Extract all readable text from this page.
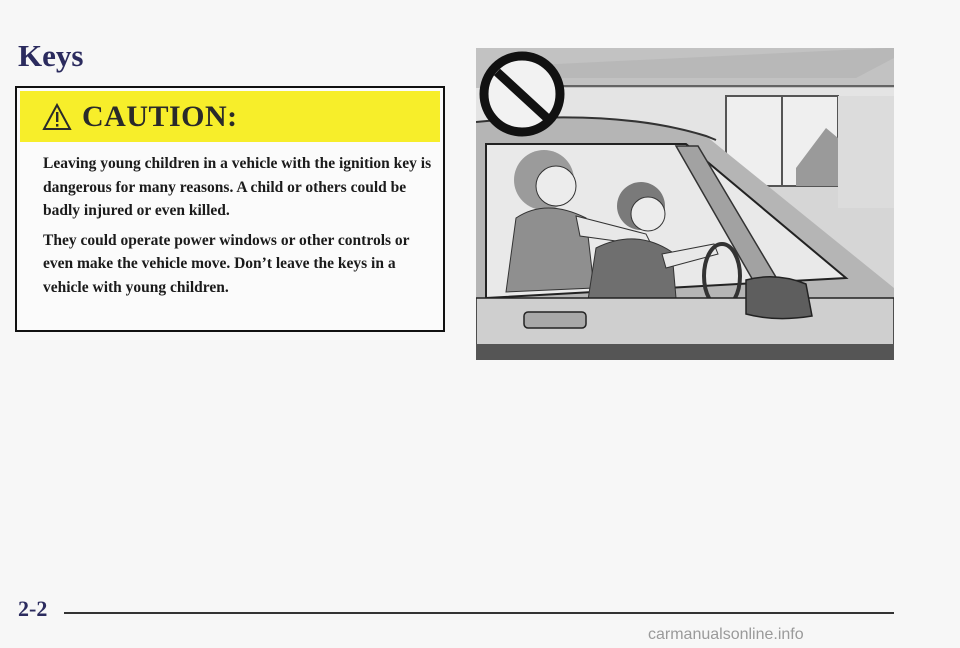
Keys
CAUTION:

Leaving young children in a vehicle with the ignition key is dangerous for many reasons. A child or others could be badly injured or even killed.

They could operate power windows or other controls or even make the vehicle move. Don’t leave the keys in a vehicle with young children.

2-2
carmanualsonline.info
